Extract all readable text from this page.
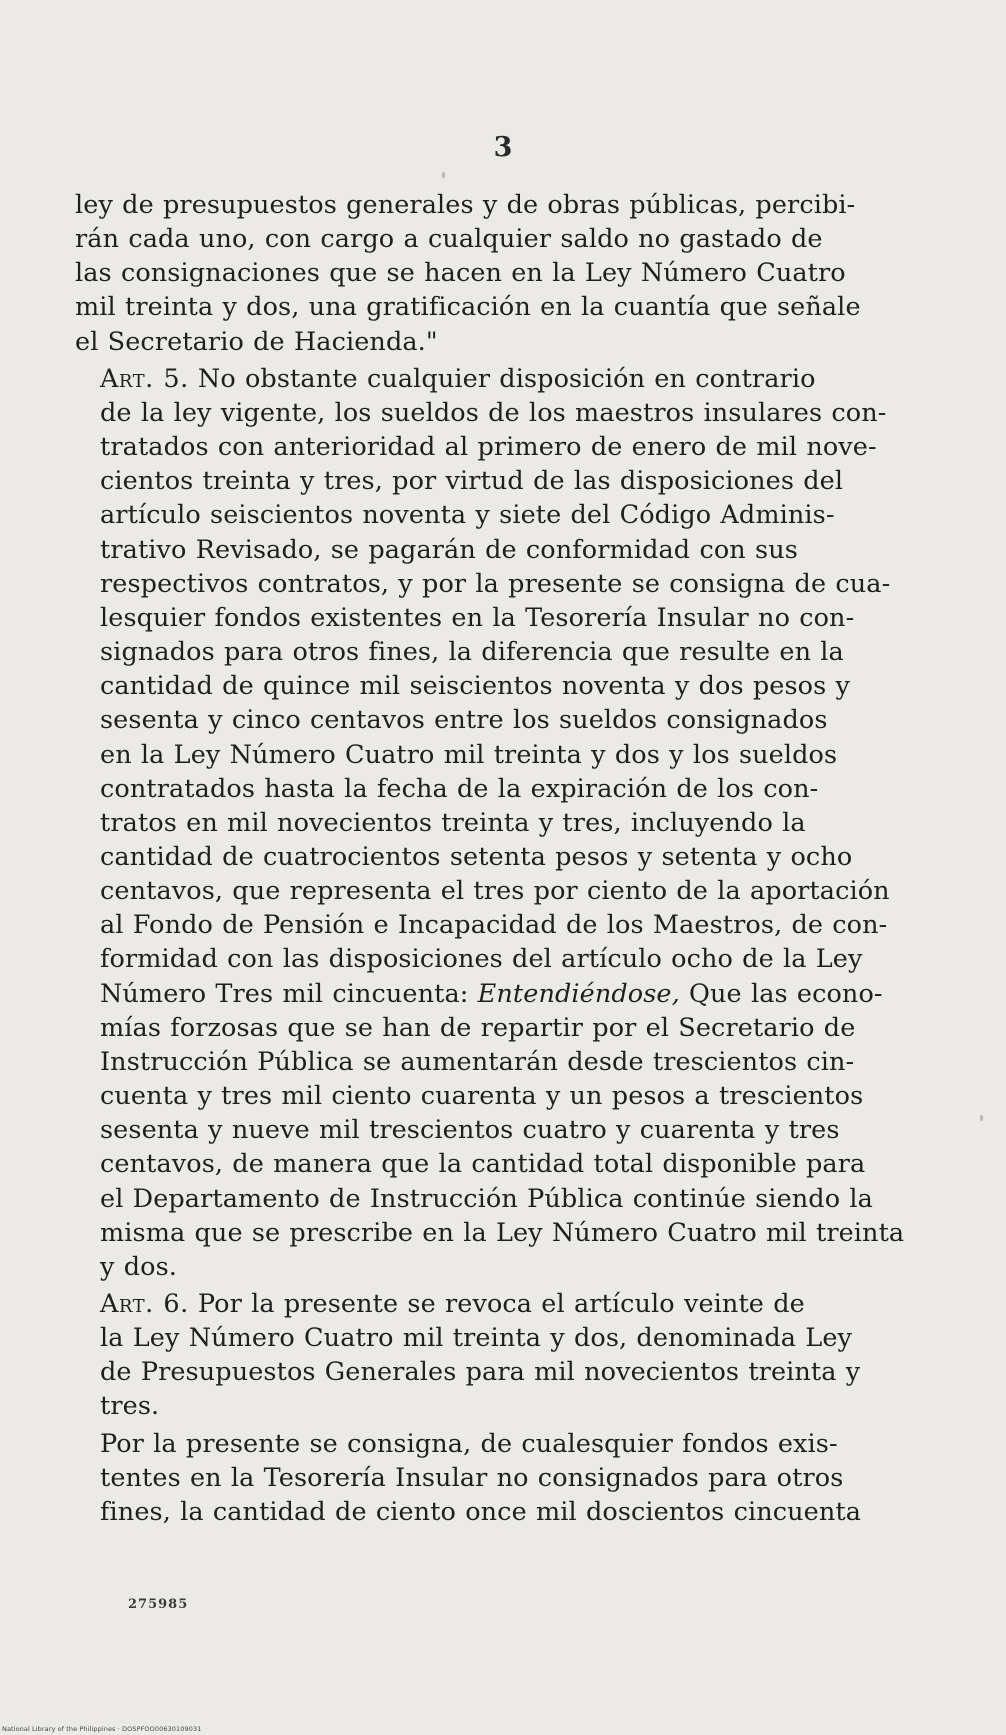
3

ley de presupuestos generales y de obras públicas, percibi-
rán cada uno, con cargo a cualquier saldo no gastado de
las consignaciones que se hacen en la Ley Número Cuatro
mil treinta y dos, una gratificación en la cuantía que señale
el Secretario de Hacienda."

Art. 5. No obstante cualquier disposición en contrario
de la ley vigente, los sueldos de los maestros insulares con-
tratados con anterioridad al primero de enero de mil nove-
cientos treinta y tres, por virtud de las disposiciones del
artículo seiscientos noventa y siete del Código Adminis-
trativo Revisado, se pagarán de conformidad con sus
respectivos contratos, y por la presente se consigna de cua-
lesquier fondos existentes en la Tesorería Insular no con-
signados para otros fines, la diferencia que resulte en la
cantidad de quince mil seiscientos noventa y dos pesos y
sesenta y cinco centavos entre los sueldos consignados
en la Ley Número Cuatro mil treinta y dos y los sueldos
contratados hasta la fecha de la expiración de los con-
tratos en mil novecientos treinta y tres, incluyendo la
cantidad de cuatrocientos setenta pesos y setenta y ocho
centavos, que representa el tres por ciento de la aportación
al Fondo de Pensión e Incapacidad de los Maestros, de con-
formidad con las disposiciones del artículo ocho de la Ley
Número Tres mil cincuenta: Entendiéndose, Que las econo-
mías forzosas que se han de repartir por el Secretario de
Instrucción Pública se aumentarán desde trescientos cin-
cuenta y tres mil ciento cuarenta y un pesos a trescientos
sesenta y nueve mil trescientos cuatro y cuarenta y tres
centavos, de manera que la cantidad total disponible para
el Departamento de Instrucción Pública continúe siendo la
misma que se prescribe en la Ley Número Cuatro mil treinta
y dos.

Art. 6. Por la presente se revoca el artículo veinte de
la Ley Número Cuatro mil treinta y dos, denominada Ley
de Presupuestos Generales para mil novecientos treinta y
tres.

Por la presente se consigna, de cualesquier fondos exis-
tentes en la Tesorería Insular no consignados para otros
fines, la cantidad de ciento once mil doscientos cincuenta

275985
National Library of the Philippines · DOSPFOO00630109031
